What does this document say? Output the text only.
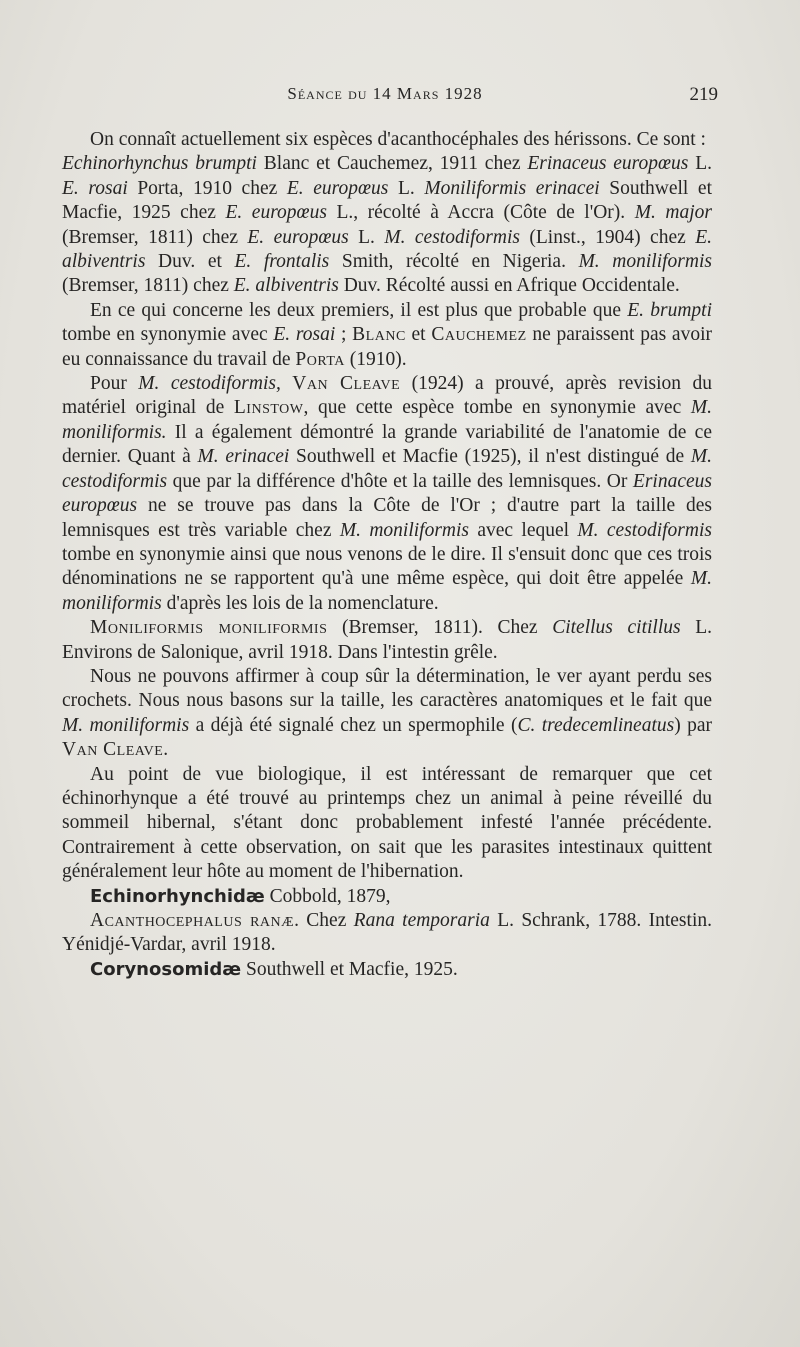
Séance du 14 Mars 1928	219

On connaît actuellement six espèces d'acanthocéphales des hérissons. Ce sont :

Echinorhynchus brumpti Blanc et Cauchemez, 1911 chez Erinaceus europœus L. E. rosai Porta, 1910 chez E. europœus L. Moniliformis erinacei Southwell et Macfie, 1925 chez E. europœus L., récolté à Accra (Côte de l'Or). M. major (Bremser, 1811) chez E. europœus L. M. cestodiformis (Linst., 1904) chez E. albiventris Duv. et E. frontalis Smith, récolté en Nigeria. M. moniliformis (Bremser, 1811) chez E. albiventris Duv. Récolté aussi en Afrique Occidentale.

En ce qui concerne les deux premiers, il est plus que probable que E. brumpti tombe en synonymie avec E. rosai ; Blanc et Cauchemez ne paraissent pas avoir eu connaissance du travail de Porta (1910).

Pour M. cestodiformis, Van Cleave (1924) a prouvé, après revision du matériel original de Linstow, que cette espèce tombe en synonymie avec M. moniliformis. Il a également démontré la grande variabilité de l'anatomie de ce dernier. Quant à M. erinacei Southwell et Macfie (1925), il n'est distingué de M. cestodiformis que par la différence d'hôte et la taille des lemnisques. Or Erinaceus europœus ne se trouve pas dans la Côte de l'Or ; d'autre part la taille des lemnisques est très variable chez M. moniliformis avec lequel M. cestodiformis tombe en synonymie ainsi que nous venons de le dire. Il s'ensuit donc que ces trois dénominations ne se rapportent qu'à une même espèce, qui doit être appelée M. moniliformis d'après les lois de la nomenclature.

Moniliformis moniliformis (Bremser, 1811). Chez Citellus citillus L. Environs de Salonique, avril 1918. Dans l'intestin grêle.

Nous ne pouvons affirmer à coup sûr la détermination, le ver ayant perdu ses crochets. Nous nous basons sur la taille, les caractères anatomiques et le fait que M. moniliformis a déjà été signalé chez un spermophile (C. tredecemlineatus) par Van Cleave.

Au point de vue biologique, il est intéressant de remarquer que cet échinorhynque a été trouvé au printemps chez un animal à peine réveillé du sommeil hibernal, s'étant donc probablement infesté l'année précédente. Contrairement à cette observation, on sait que les parasites intestinaux quittent généralement leur hôte au moment de l'hibernation.

Echinorhynchidæ Cobbold, 1879,

Acanthocephalus ranæ. Chez Rana temporaria L. Schrank, 1788. Intestin. Yénidjé-Vardar, avril 1918.

Corynosomidæ Southwell et Macfie, 1925.
